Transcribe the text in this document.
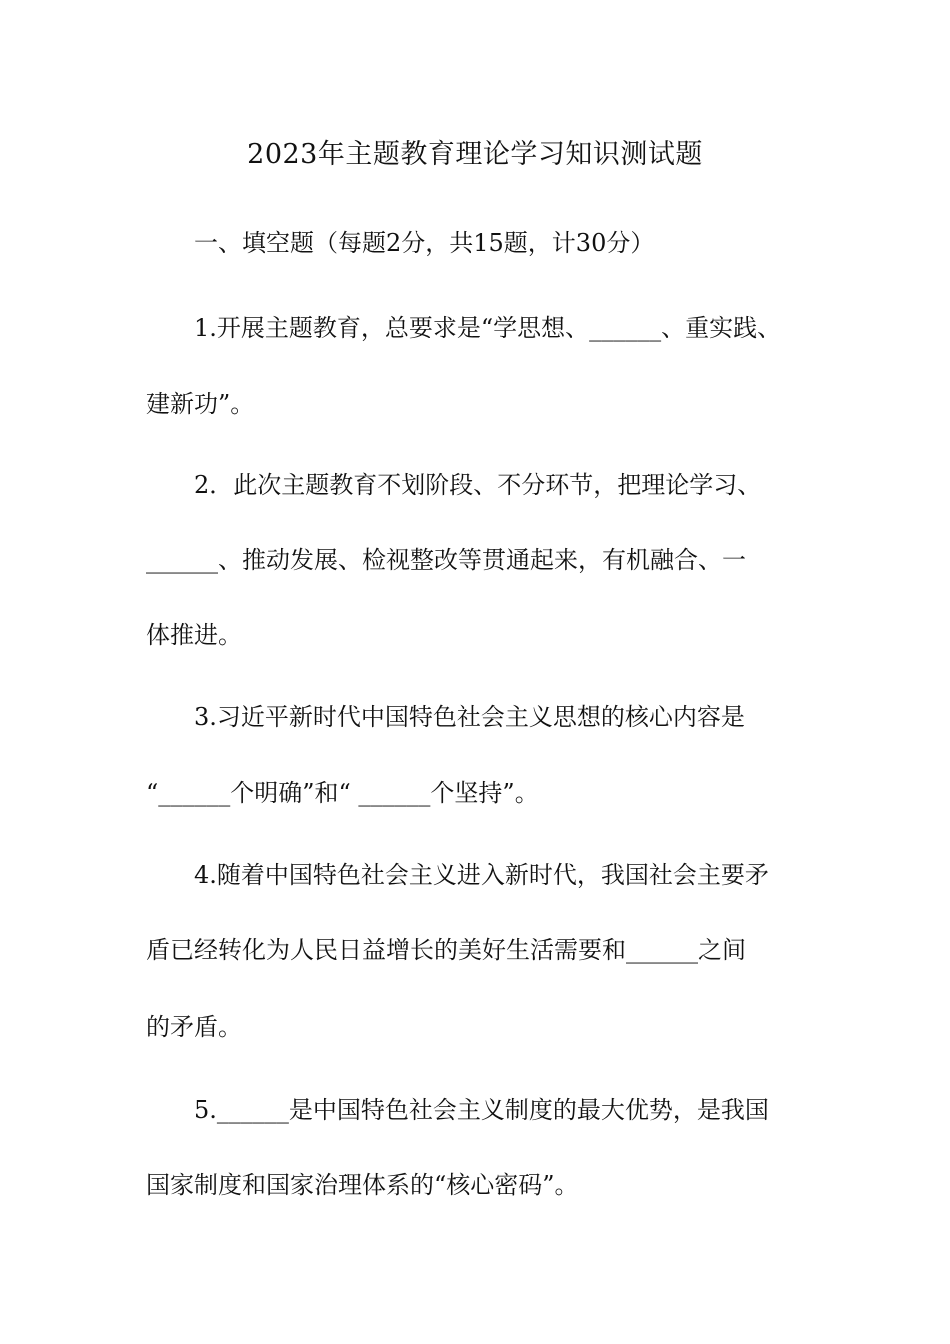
2023年主题教育理论学习知识测试题
一、填空题（每题2分，共15题，计30分）
1.开展主题教育，总要求是“学思想、______、重实践、
建新功”。
2．此次主题教育不划阶段、不分环节，把理论学习、
______、推动发展、检视整改等贯通起来，有机融合、一
体推进。
3.习近平新时代中国特色社会主义思想的核心内容是
“______个明确”和“ ______个坚持”。
4.随着中国特色社会主义进入新时代，我国社会主要矛
盾已经转化为人民日益增长的美好生活需要和______之间
的矛盾。
5.______是中国特色社会主义制度的最大优势，是我国
国家制度和国家治理体系的“核心密码”。
